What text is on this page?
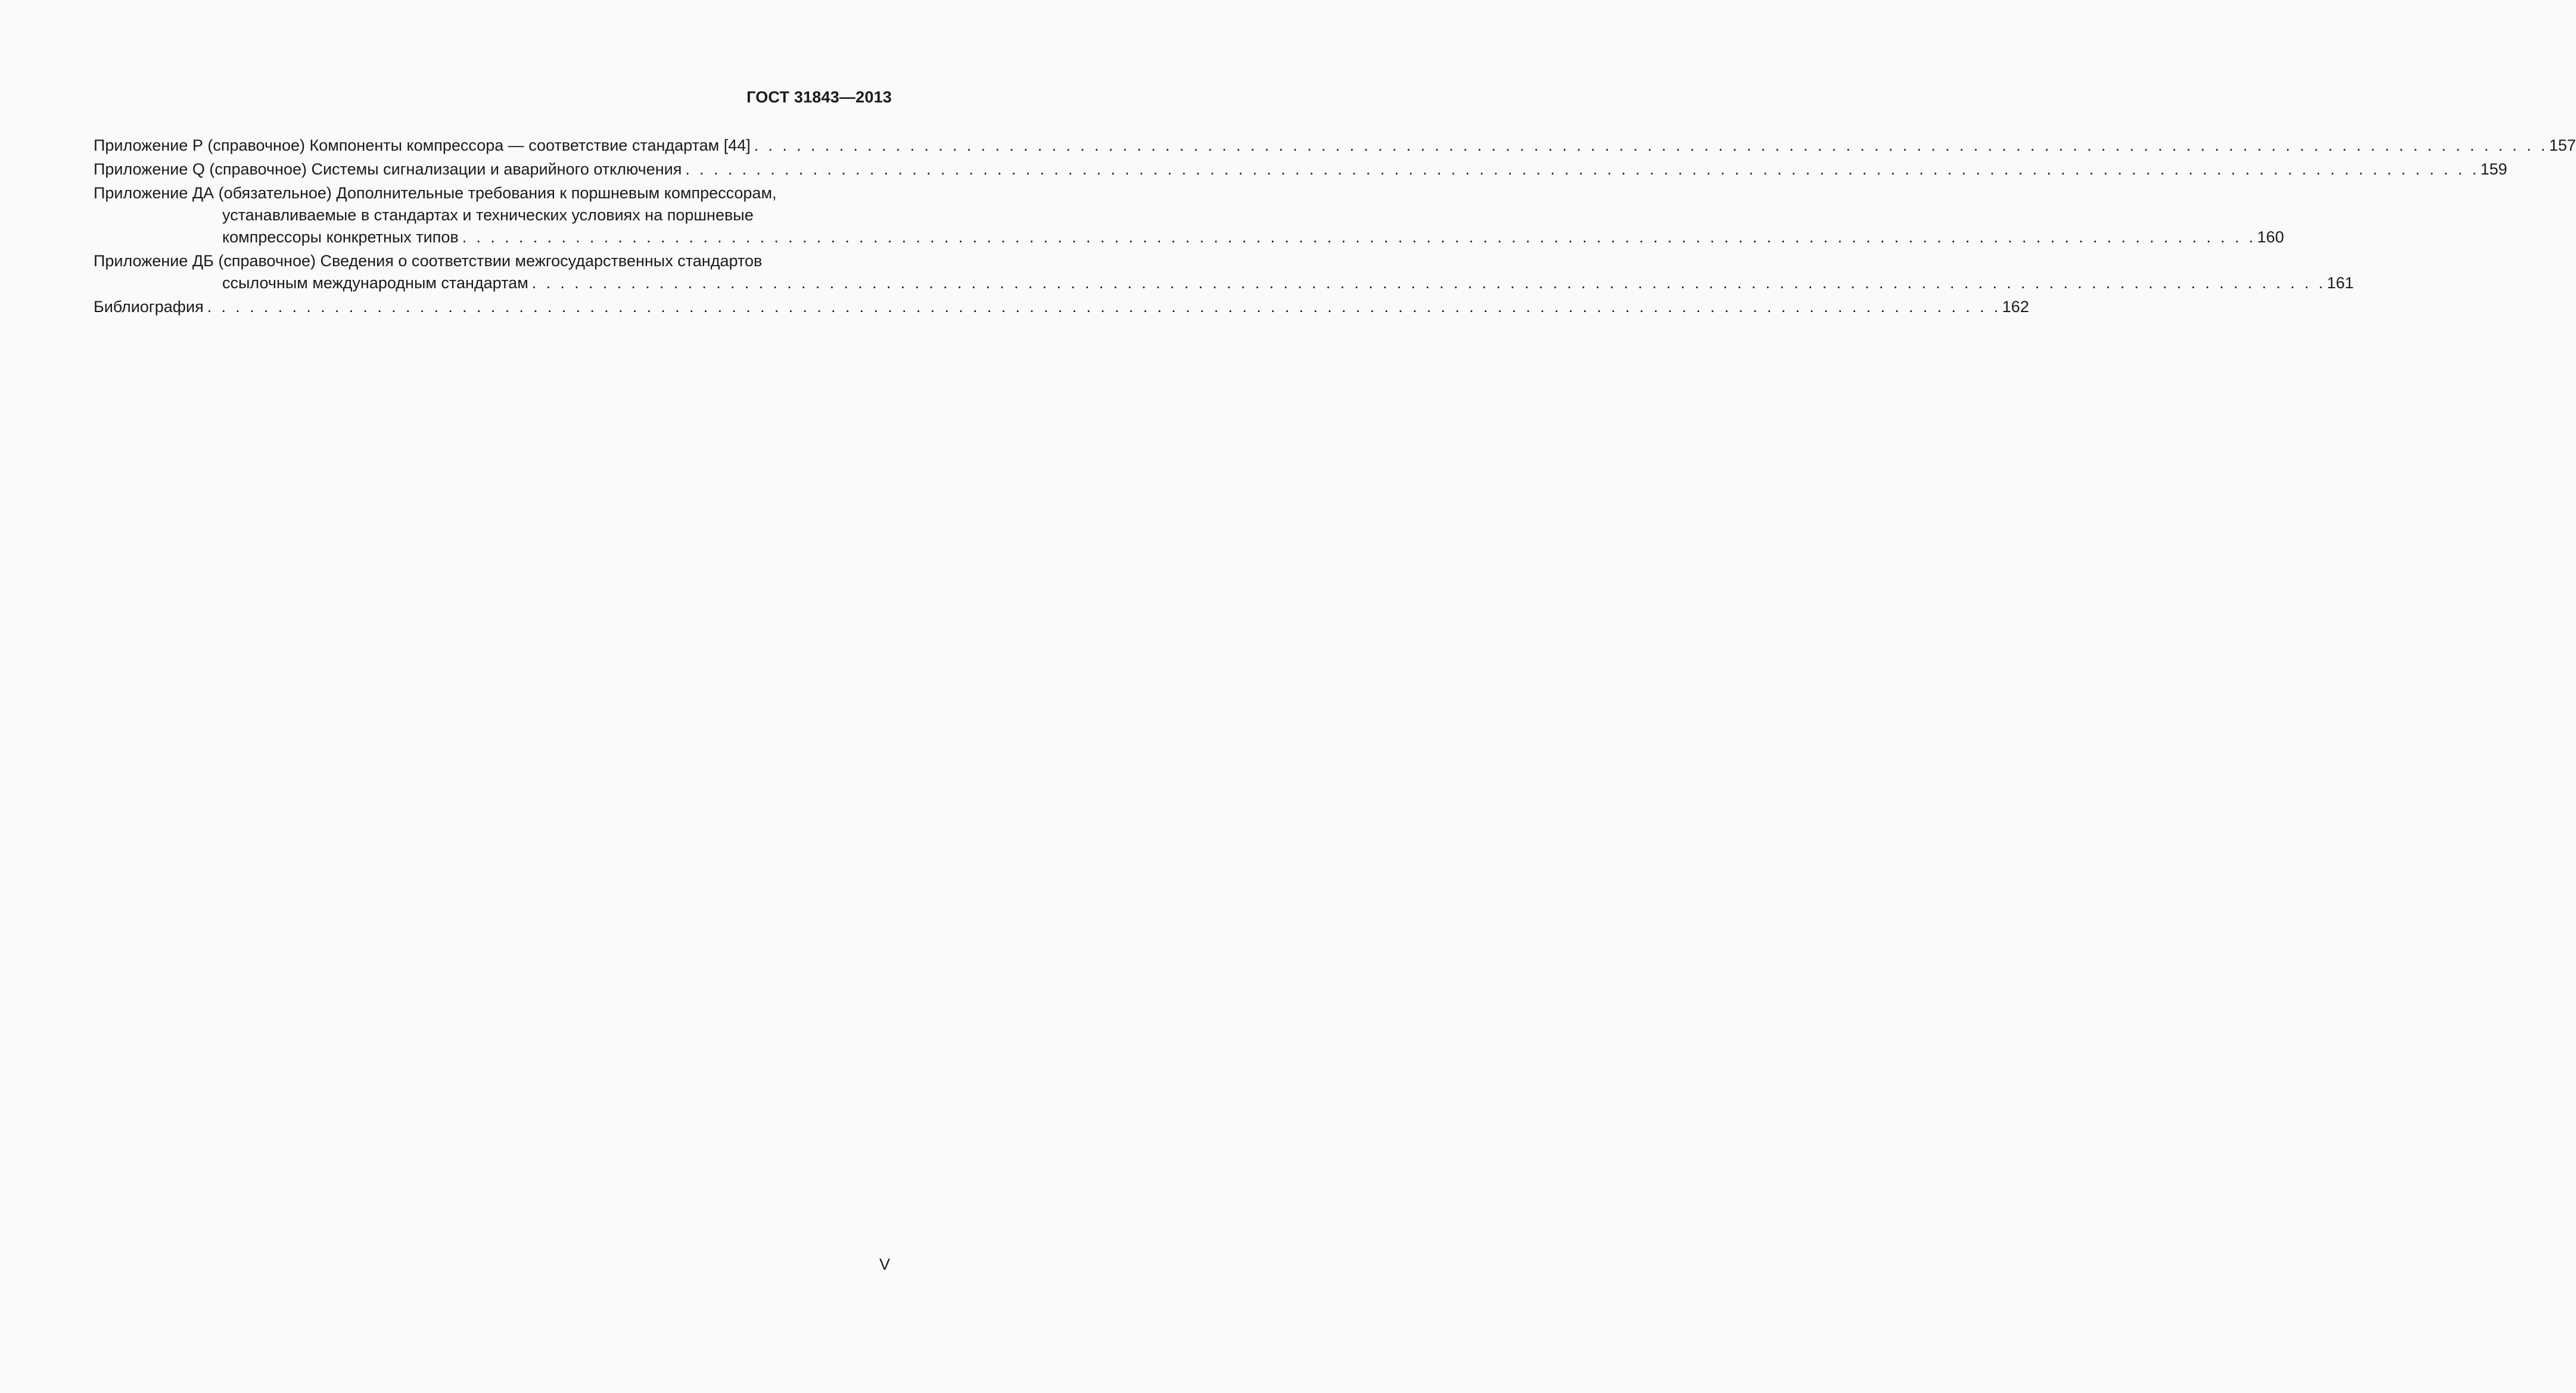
ГОСТ 31843—2013
Приложение Р (справочное) Компоненты компрессора — соответствие стандартам [44] . . . . . . . . . . . . . . . . . . . . . . . . . . . . . . . . . . . . . . . . . . . . . . . . . . . . . . . . . . . . . . . . . . . . . . . . . . . . . . . . . . . . . . . . . . . . . . . . . . . . . . . . . . . . . . . . . . . . . . . . . . . . . . . 157
Приложение Q (справочное) Системы сигнализации и аварийного отключения . . . . . . . . . . . . . . . . . . . . . . . . . . . . . . . . . . . . . . . . . . . . . . . . . . . . . . . . . . . . . . . . . . . . . . . . . . . . . . . . . . . . . . . . . . . . . . . . . . . . . . . . . . . . . . . . . . . . . . . . . . . . . . . 159
Приложение ДА (обязательное) Дополнительные требования к поршневым компрессорам,
устанавливаемые в стандартах и технических условиях на поршневые
компрессоры конкретных типов . . . . . . . . . . . . . . . . . . . . . . . . . . . . . . . . . . . . . . . . . . . . . . . . . . . . . . . . . . . . . . . . . . . . . . . . . . . . . . . . . . . . . . . . . . . . . . . . . . . . . . . . . . . . . . . . . . . . . . . . . . . . . . . 160
Приложение ДБ (справочное) Сведения о соответствии межгосударственных стандартов
ссылочным международным стандартам . . . . . . . . . . . . . . . . . . . . . . . . . . . . . . . . . . . . . . . . . . . . . . . . . . . . . . . . . . . . . . . . . . . . . . . . . . . . . . . . . . . . . . . . . . . . . . . . . . . . . . . . . . . . . . . . . . . . . . . . . . . . . . . 161
Библиография . . . . . . . . . . . . . . . . . . . . . . . . . . . . . . . . . . . . . . . . . . . . . . . . . . . . . . . . . . . . . . . . . . . . . . . . . . . . . . . . . . . . . . . . . . . . . . . . . . . . . . . . . . . . . . . . . . . . . . . . . . . . . . . 162
V
